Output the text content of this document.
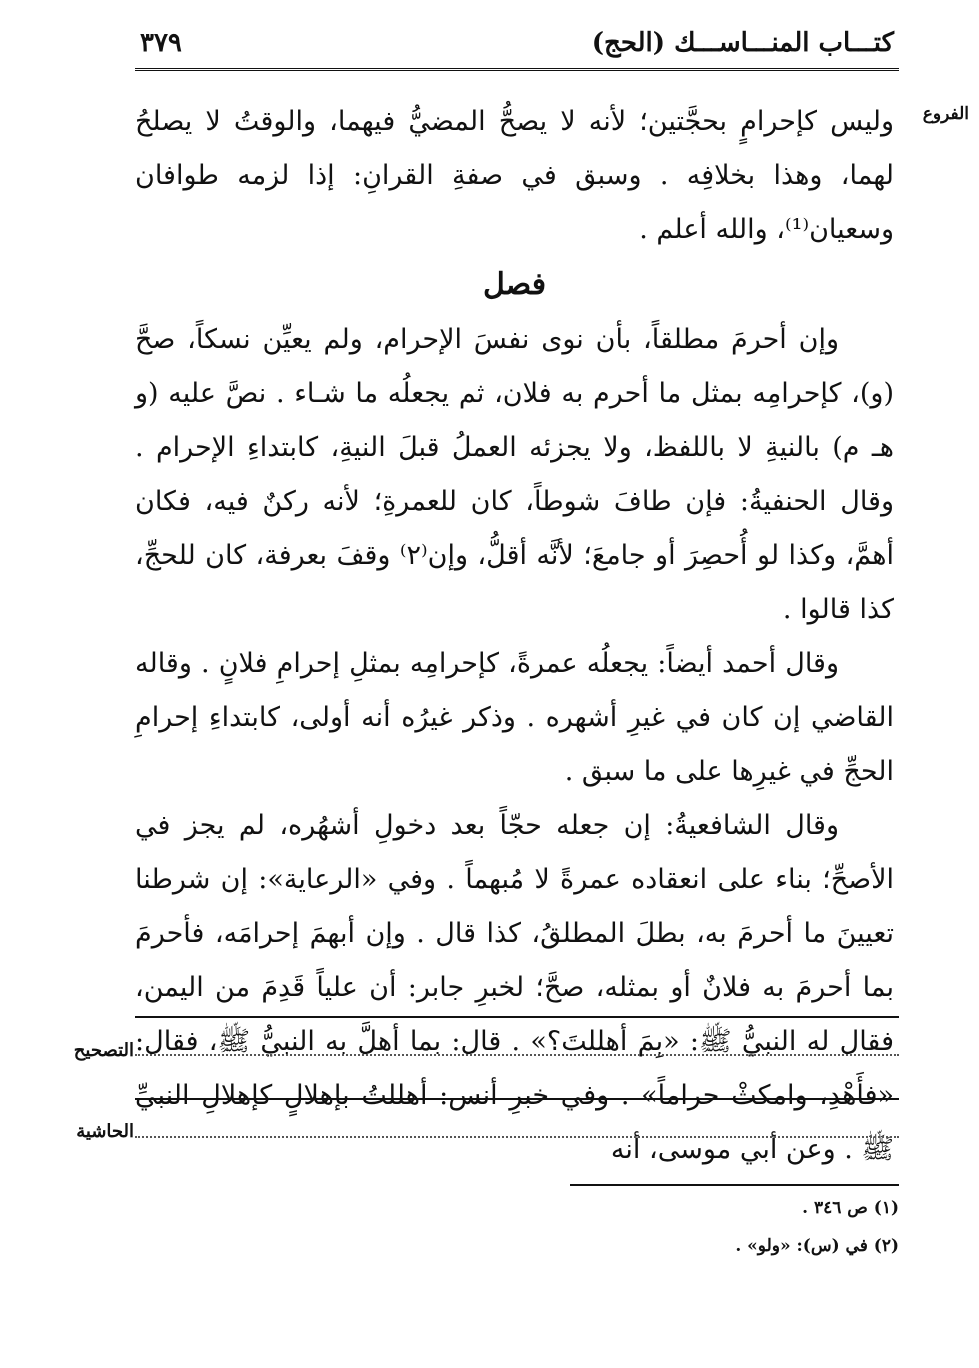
كتـــاب المنـــاســـك (الحج)
٣٧٩
الفروع

وليس كإحرامٍ بحجَّتين؛ لأنه لا يصحُّ المضيُّ فيهما، والوقتُ لا يصلحُ لهما، وهذا بخلافِه . وسبق في صفةِ القرانِ: إذا لزمه طوافان وسعيان⁽¹⁾، والله أعلم .

فصل

وإن أحرمَ مطلقاً، بأن نوى نفسَ الإحرام، ولم يعيِّن نسكاً، صحَّ (و)، كإحرامِه بمثل ما أحرم به فلان، ثم يجعلُه ما شـاء . نصَّ عليه (و هـ م) بالنيةِ لا باللفظ، ولا يجزئه العملُ قبلَ النيةِ، كابتداءِ الإحرام . وقال الحنفيةُ: فإن طافَ شوطاً، كان للعمرةِ؛ لأنه ركنٌ فيه، فكان أهمَّ، وكذا لو أُحصِرَ أو جامعَ؛ لأنَّه أقلُّ، وإن⁽٢⁾ وقفَ بعرفة، كان للحجِّ، كذا قالوا .

وقال أحمد أيضاً: يجعلُه عمرةً، كإحرامِه بمثلِ إحرامِ فلانٍ . وقاله القاضي إن كان في غيرِ أشهره . وذكر غيرُه أنه أولى، كابتداءِ إحرامِ الحجِّ في غيرِها على ما سبق .

وقال الشافعيةُ: إن جعله حجّاً بعد دخولِ أشهُره، لم يجز في الأصحِّ؛ بناء على انعقاده عمرةً لا مُبهماً . وفي «الرعاية»: إن شرطنا تعيينَ ما أحرمَ به، بطلَ المطلقُ، كذا قال . وإن أبهمَ إحرامَه، فأحرمَ بما أحرمَ به فلانٌ أو بمثله، صحَّ؛ لخبرِ جابر: أن علياً قَدِمَ من اليمن، فقال له النبيُّ ﷺ: «بِمَ أهللتَ؟» . قال: بما أهلَّ به النبيُّ ﷺ، فقال: «فأَهْدِ، وامكثْ حراماً» . وفي خبرِ أنس: أهللتُ بإهلالٍ كإهلالِ النبيِّ ﷺ . وعن أبي موسى، أنه

التصحيح
الحاشية
(١) ص ٣٤٦ .
(٢) في (س): «ولو» .
